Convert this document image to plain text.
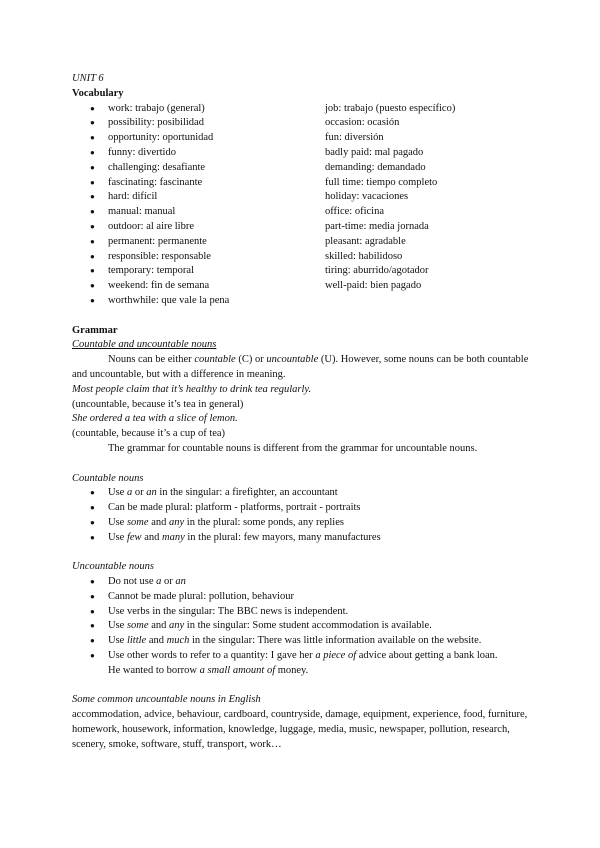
UNIT 6

Vocabulary

● work: trabajo (general)
● possibility: posibilidad
● opportunity: oportunidad
● funny: divertido
● challenging: desafiante
● fascinating: fascinante
● hard: difícil
● manual: manual
● outdoor: al aire libre
● permanent: permanente
● responsible: responsable
● temporary: temporal
● weekend: fin de semana
● worthwhile: que vale la pena
job: trabajo (puesto específico)
occasion: ocasión
fun: diversión
badly paid: mal pagado
demanding: demandado
full time: tiempo completo
holiday: vacaciones
office: oficina
part-time: media jornada
pleasant: agradable
skilled: habilidoso
tiring: aburrido/agotador
well-paid: bien pagado

Grammar

Countable and uncountable nouns

Nouns can be either countable (C) or uncountable (U). However, some nouns can be both countable and uncountable, but with a difference in meaning.

Most people claim that it’s healthy to drink tea regularly.

(uncountable, because it’s tea in general)

She ordered a tea with a slice of lemon.

(countable, because it’s a cup of tea)

The grammar for countable nouns is different from the grammar for uncountable nouns.

Countable nouns

● Use a or an in the singular: a firefighter, an accountant
● Can be made plural: platform - platforms, portrait - portraits
● Use some and any in the plural: some ponds, any replies
● Use few and many in the plural: few mayors, many manufactures

Uncountable nouns

● Do not use a or an
● Cannot be made plural: pollution, behaviour
● Use verbs in the singular: The BBC news is independent.
● Use some and any in the singular: Some student accommodation is available.
● Use little and much in the singular: There was little information available on the website.
● Use other words to refer to a quantity: I gave her a piece of advice about getting a bank loan.
He wanted to borrow a small amount of money.

Some common uncountable nouns in English

accommodation, advice, behaviour, cardboard, countryside, damage, equipment, experience, food, furniture, homework, housework, information, knowledge, luggage, media, music, newspaper, pollution, research, scenery, smoke, software, stuff, transport, work…
